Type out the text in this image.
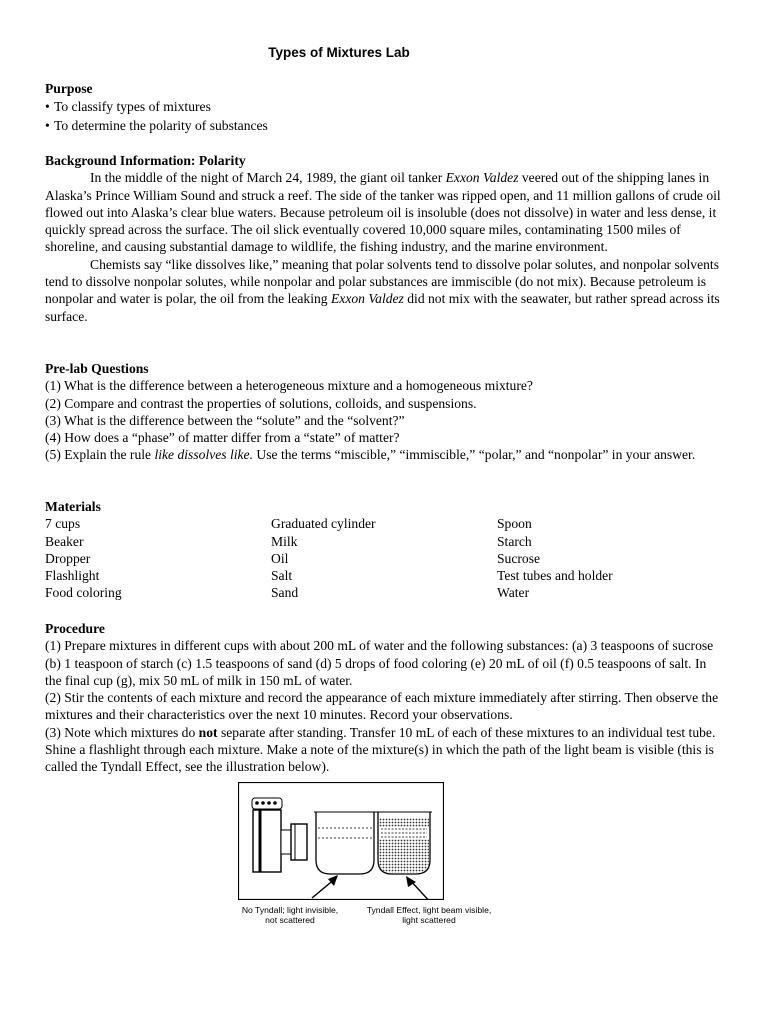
Types of Mixtures Lab
Purpose
• To classify types of mixtures
• To determine the polarity of substances
Background Information: Polarity
In the middle of the night of March 24, 1989, the giant oil tanker Exxon Valdez veered out of the shipping lanes in Alaska’s Prince William Sound and struck a reef. The side of the tanker was ripped open, and 11 million gallons of crude oil flowed out into Alaska’s clear blue waters. Because petroleum oil is insoluble (does not dissolve) in water and less dense, it quickly spread across the surface. The oil slick eventually covered 10,000 square miles, contaminating 1500 miles of shoreline, and causing substantial damage to wildlife, the fishing industry, and the marine environment.
Chemists say “like dissolves like,” meaning that polar solvents tend to dissolve polar solutes, and nonpolar solvents tend to dissolve nonpolar solutes, while nonpolar and polar substances are immiscible (do not mix). Because petroleum is nonpolar and water is polar, the oil from the leaking Exxon Valdez did not mix with the seawater, but rather spread across its surface.
Pre-lab Questions
(1) What is the difference between a heterogeneous mixture and a homogeneous mixture?
(2) Compare and contrast the properties of solutions, colloids, and suspensions.
(3) What is the difference between the “solute” and the “solvent?”
(4) How does a “phase” of matter differ from a “state” of matter?
(5) Explain the rule like dissolves like. Use the terms “miscible,” “immiscible,” “polar,” and “nonpolar” in your answer.
Materials
7 cups	Graduated cylinder	Spoon
Beaker	Milk	Starch
Dropper	Oil	Sucrose
Flashlight	Salt	Test tubes and holder
Food coloring	Sand	Water
Procedure
(1) Prepare mixtures in different cups with about 200 mL of water and the following substances: (a) 3 teaspoons of sucrose (b) 1 teaspoon of starch (c) 1.5 teaspoons of sand (d) 5 drops of food coloring (e) 20 mL of oil (f) 0.5 teaspoons of salt. In the final cup (g), mix 50 mL of milk in 150 mL of water.
(2) Stir the contents of each mixture and record the appearance of each mixture immediately after stirring. Then observe the mixtures and their characteristics over the next 10 minutes. Record your observations.
(3) Note which mixtures do not separate after standing. Transfer 10 mL of each of these mixtures to an individual test tube. Shine a flashlight through each mixture. Make a note of the mixture(s) in which the path of the light beam is visible (this is called the Tyndall Effect, see the illustration below).
No Tyndall; light invisible,
not scattered
Tyndall Effect, light beam visible,
light scattered
